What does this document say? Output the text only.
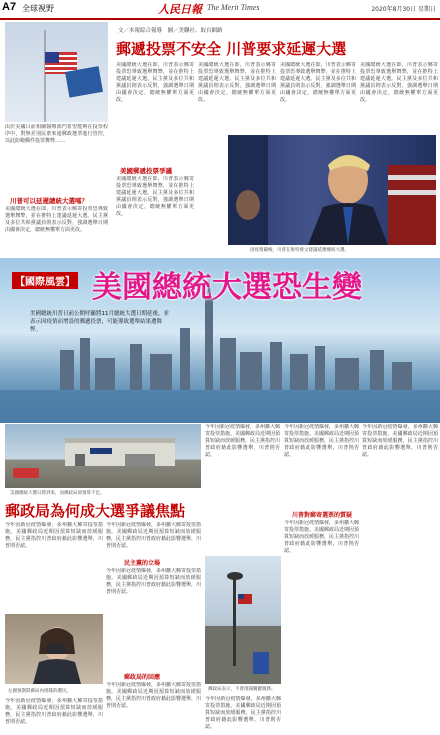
A7 全球視野	人民日報 The Merit Times	2020年8月30日 星期日
由於美國目前相關醫療部門希望能夠在投票程序中，對無差別民衆來通郵政選票進行管控，以此防範郵件投票舞弊……
川普可以延遲總統大選嗎？
美國總統大選在即，川普表示郵寄投票恐導致選舉舞弊，並在推特上建議延遲大選。民主黨及多位共和黨議員則表示反對，強調選舉日期由國會決定，總統無權單方面更改。
文／本報綜合報導　圖／美聯社、取自網路
郵遞投票不安全 川普要求延遲大選
美國總統大選在即，川普表示郵寄投票恐導致選舉舞弊，並在推特上建議延遲大選。民主黨及多位共和黨議員則表示反對，強調選舉日期由國會決定，總統無權單方面更改。
美國郵遞投票爭議
美國總統大選在即，川普表示郵寄投票恐導致選舉舞弊，並在推特上建議延遲大選。民主黨及多位共和黨議員則表示反對，強調選舉日期由國會決定，總統無權單方面更改。
美國總統大選在即，川普表示郵寄投票恐導致選舉舞弊，並在推特上建議延遲大選。民主黨及多位共和黨議員則表示反對，強調選舉日期由國會決定，總統無權單方面更改。
美國總統大選在即，川普表示郵寄投票恐導致選舉舞弊，並在推特上建議延遲大選。民主黨及多位共和黨議員則表示反對，強調選舉日期由國會決定，總統無權單方面更改。
美國總統大選在即，川普表示郵寄投票恐導致選舉舞弊，並在推特上建議延遲大選。民主黨及多位共和黨議員則表示反對，強調選舉日期由國會決定，總統無權單方面更改。
因疫情嚴峻，川普在推特發文建議延遲總統大選。
【國際風雲】 美國總統大選恐生變
美國總統川普日前公開呼籲將11月總統大選日期延後，並表示因疫情而增設的郵遞投票，可能導致選舉結果遭舞弊。
美國總統大選日將到來，而郵政局卻預算不足。
郵政局為何成大選爭議焦點
今年因新冠疫情爆發，多州擴大郵寄投票措施。美國郵政局近期因預算短缺而放緩服務，民主黨指控川普政府藉此影響選舉，川普則否認。
今年因新冠疫情爆發，多州擴大郵寄投票措施。美國郵政局近期因預算短缺而放緩服務，民主黨指控川普政府藉此影響選舉，川普則否認。
民主黨的立場
今年因新冠疫情爆發，多州擴大郵寄投票措施。美國郵政局近期因預算短缺而放緩服務，民主黨指控川普政府藉此影響選舉，川普則否認。
郵政局的回應
今年因新冠疫情爆發，多州擴大郵寄投票措施。美國郵政局近期因預算短缺而放緩服務，民主黨指控川普政府藉此影響選舉，川普則否認。
左圖預期間郵局內排隊的選民。
今年因新冠疫情爆發，多州擴大郵寄投票措施。美國郵政局近期因預算短缺而放緩服務，民主黨指控川普政府藉此影響選舉，川普則否認。
今年因新冠疫情爆發，多州擴大郵寄投票措施。美國郵政局近期因預算短缺而放緩服務，民主黨指控川普政府藉此影響選舉，川普則否認。
今年因新冠疫情爆發，多州擴大郵寄投票措施。美國郵政局近期因預算短缺而放緩服務，民主黨指控川普政府藉此影響選舉，川普則否認。
川普對郵寄選票的質疑
今年因新冠疫情爆發，多州擴大郵寄投票措施。美國郵政局近期因預算短缺而放緩服務，民主黨指控川普政府藉此影響選舉，川普則否認。
今年因新冠疫情爆發，多州擴大郵寄投票措施。美國郵政局近期因預算短缺而放緩服務，民主黨指控川普政府藉此影響選舉，川普則否認。
郵政局表示，不會削減關鍵服務。
今年因新冠疫情爆發，多州擴大郵寄投票措施。美國郵政局近期因預算短缺而放緩服務，民主黨指控川普政府藉此影響選舉，川普則否認。
